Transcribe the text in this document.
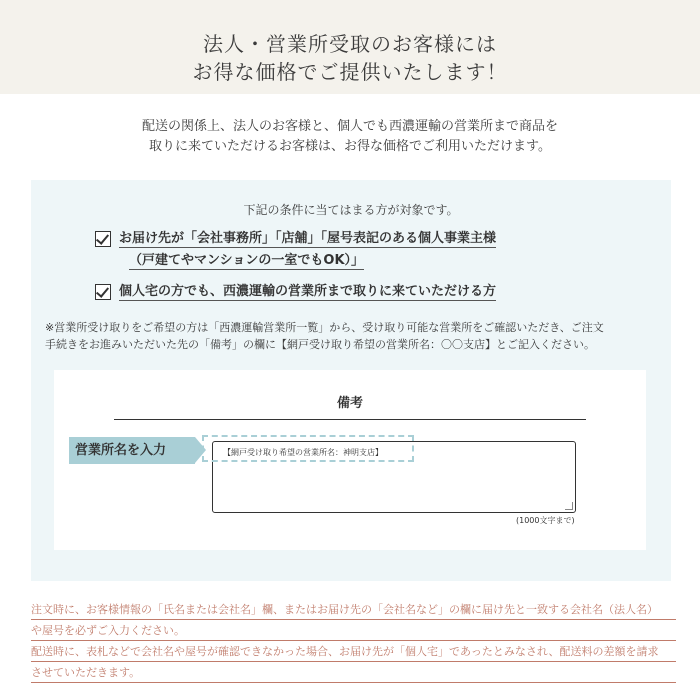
法人・営業所受取のお客様には
お得な価格でご提供いたします！
配送の関係上、法人のお客様と、個人でも西濃運輸の営業所まで商品を
取りに来ていただけるお客様は、お得な価格でご利用いただけます。
下記の条件に当てはまる方が対象です。
お届け先が「会社事務所」「店舗」「屋号表記のある個人事業主様
（戸建てやマンションの一室でもOK）」
個人宅の方でも、西濃運輸の営業所まで取りに来ていただける方
※営業所受け取りをご希望の方は「西濃運輸営業所一覧」から、受け取り可能な営業所をご確認いただき、ご注文
手続きをお進みいただいた先の「備考」の欄に【網戸受け取り希望の営業所名：〇〇支店】とご記入ください。
備考
営業所名を入力	【網戸受け取り希望の営業所名：神明支店】
(1000文字まで)
注文時に、お客様情報の「氏名または会社名」欄、またはお届け先の「会社名など」の欄に届け先と一致する会社名（法人名）
や屋号を必ずご入力ください。
配送時に、表札などで会社名や屋号が確認できなかった場合、お届け先が「個人宅」であったとみなされ、配送料の差額を請求
させていただきます。
